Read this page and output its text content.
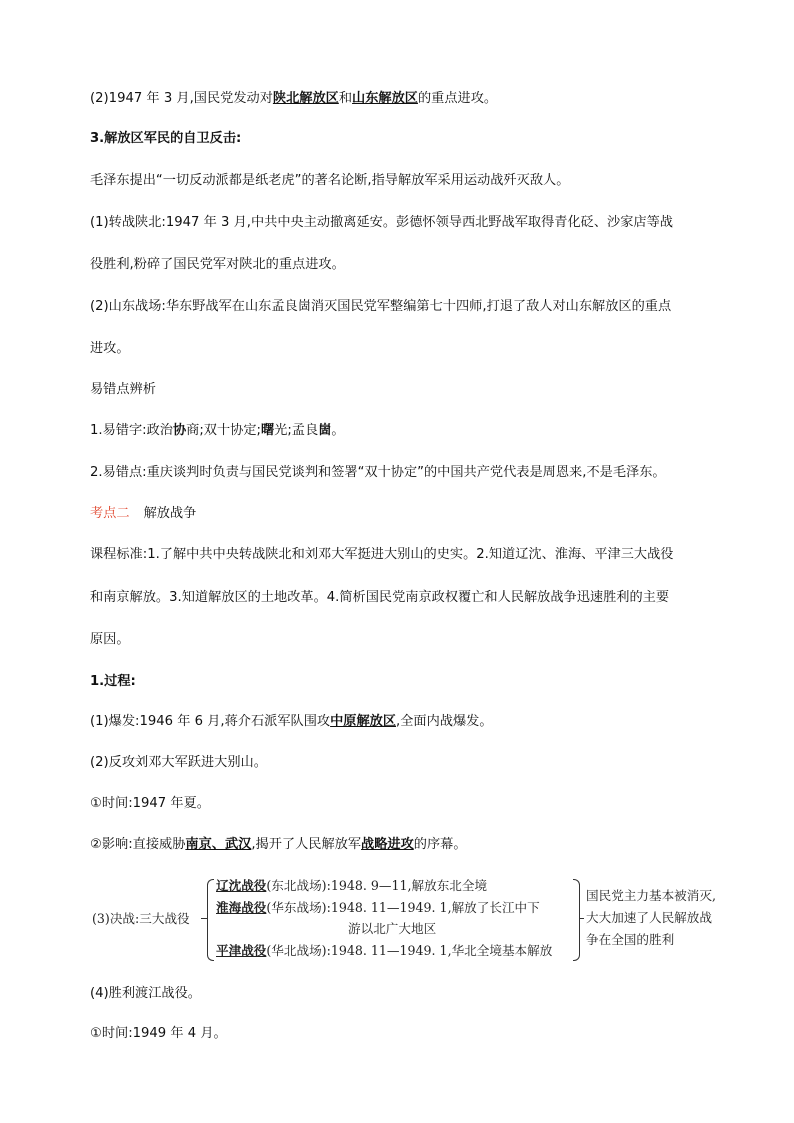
(2)1947 年 3 月,国民党发动对陕北解放区和山东解放区的重点进攻。
3.解放区军民的自卫反击:
毛泽东提出“一切反动派都是纸老虎”的著名论断,指导解放军采用运动战歼灭敌人。
(1)转战陕北:1947 年 3 月,中共中央主动撤离延安。彭德怀领导西北野战军取得青化砭、沙家店等战
役胜利,粉碎了国民党军对陕北的重点进攻。
(2)山东战场:华东野战军在山东孟良崮消灭国民党军整编第七十四师,打退了敌人对山东解放区的重点
进攻。
易错点辨析
1.易错字:政治协商;双十协定;曙光;孟良崮。
2.易错点:重庆谈判时负责与国民党谈判和签署“双十协定”的中国共产党代表是周恩来,不是毛泽东。
考点二 解放战争
课程标准:1.了解中共中央转战陕北和刘邓大军挺进大别山的史实。2.知道辽沈、淮海、平津三大战役
和南京解放。3.知道解放区的土地改革。4.简析国民党南京政权覆亡和人民解放战争迅速胜利的主要
原因。
1.过程:
(1)爆发:1946 年 6 月,蒋介石派军队围攻中原解放区,全面内战爆发。
(2)反攻刘邓大军跃进大别山。
①时间:1947 年夏。
②影响:直接威胁南京、武汉,揭开了人民解放军战略进攻的序幕。
(3)决战:三大战役
辽沈战役(东北战场):1948. 9—11,解放东北全境
淮海战役(华东战场):1948. 11—1949. 1,解放了长江中下
游以北广大地区
平津战役(华北战场):1948. 11—1949. 1,华北全境基本解放
国民党主力基本被消灭,
大大加速了人民解放战
争在全国的胜利
(4)胜利渡江战役。
①时间:1949 年 4 月。
